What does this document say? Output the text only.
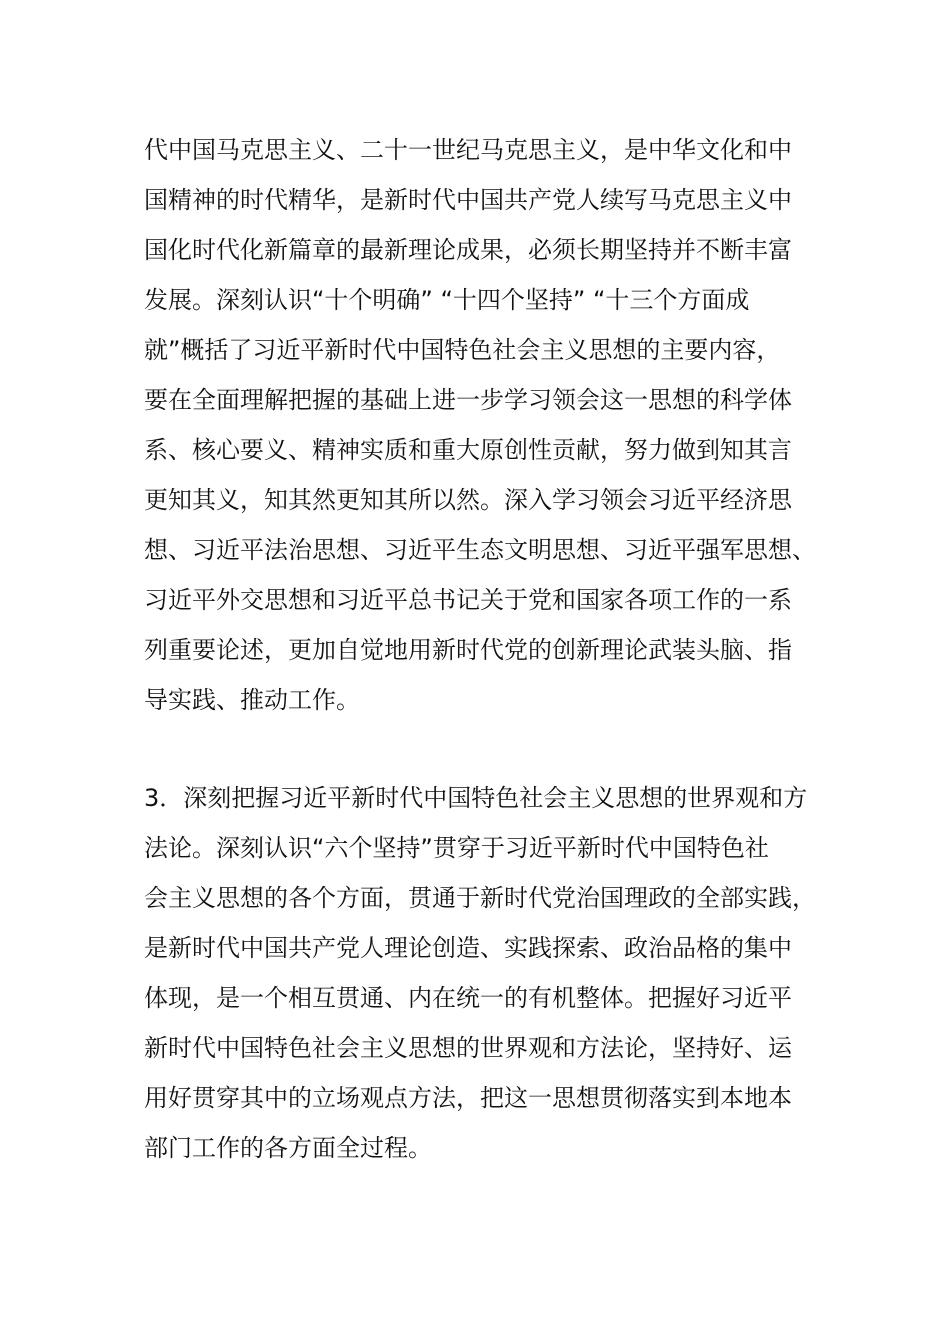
代中国马克思主义、二十一世纪马克思主义，是中华文化和中
国精神的时代精华，是新时代中国共产党人续写马克思主义中
国化时代化新篇章的最新理论成果，必须长期坚持并不断丰富
发展。深刻认识“十个明确” “十四个坚持” “十三个方面成
就”概括了习近平新时代中国特色社会主义思想的主要内容，
要在全面理解把握的基础上进一步学习领会这一思想的科学体
系、核心要义、精神实质和重大原创性贡献，努力做到知其言
更知其义，知其然更知其所以然。深入学习领会习近平经济思
想、习近平法治思想、习近平生态文明思想、习近平强军思想、
习近平外交思想和习近平总书记关于党和国家各项工作的一系
列重要论述，更加自觉地用新时代党的创新理论武装头脑、指
导实践、推动工作。
3．深刻把握习近平新时代中国特色社会主义思想的世界观和方
法论。深刻认识“六个坚持”贯穿于习近平新时代中国特色社
会主义思想的各个方面，贯通于新时代党治国理政的全部实践，
是新时代中国共产党人理论创造、实践探索、政治品格的集中
体现，是一个相互贯通、内在统一的有机整体。把握好习近平
新时代中国特色社会主义思想的世界观和方法论，坚持好、运
用好贯穿其中的立场观点方法，把这一思想贯彻落实到本地本
部门工作的各方面全过程。
